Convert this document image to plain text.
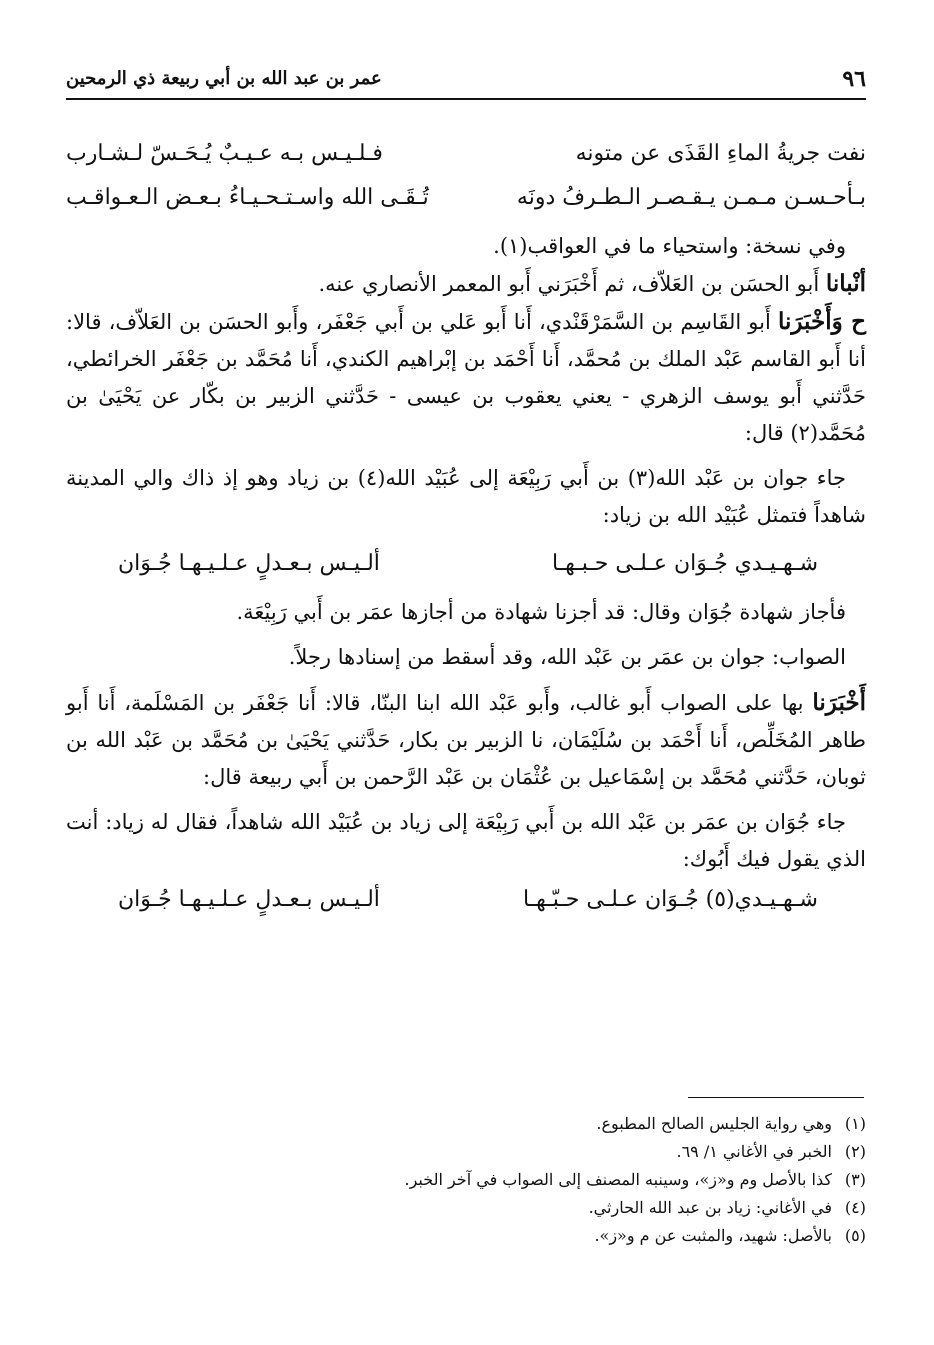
٩٦
عمر بن عبد الله بن أبي ربيعة ذي الرمحين
نفت جريةُ الماءِ القَذَى عن متونه
فـلـيـس بـه عـيـبٌ يُـحَـسّ لـشـارب
بـأحـسـن مـمـن يـقـصـر الـطـرفُ دونَه
تُـقَـى الله واسـتـحـيـاءُ بـعـض الـعـواقـب

وفي نسخة: واستحياء ما في العواقب(١).

أنْبانا أَبو الحسَن بن العَلاّف، ثم أَخْبَرَني أَبو المعمر الأنصاري عنه.

ح وَأَخْبَرَنا أَبو القَاسِم بن السَّمَرْقَنْدي، أَنا أَبو عَلي بن أَبي جَعْفَر، وأَبو الحسَن بن العَلاّف، قالا: أنا أَبو القاسم عَبْد الملك بن مُحمَّد، أَنا أَحْمَد بن إبْراهيم الكندي، أَنا مُحَمَّد بن جَعْفَر الخرائطي، حَدَّثني أَبو يوسف الزهري - يعني يعقوب بن عيسى - حَدَّثني الزبير بن بكّار عن يَحْيَىٰ بن مُحَمَّد(٢) قال:

جاء جوان بن عَبْد الله(٣) بن أَبي رَبِيْعَة إلى عُبَيْد الله(٤) بن زياد وهو إذ ذاك والي المدينة شاهداً فتمثل عُبَيْد الله بن زياد:

شـهـيـدي جُـوَان عـلـى حـبـهـا
ألـيـس بـعـدلٍ عـلـيـهـا جُـوَان

فأجاز شهادة جُوَان وقال: قد أجزنا شهادة من أجازها عمَر بن أَبي رَبِيْعَة.

الصواب: جوان بن عمَر بن عَبْد الله، وقد أسقط من إسنادها رجلاً.

أَخْبَرَنا بها على الصواب أَبو غالب، وأَبو عَبْد الله ابنا البنّا، قالا: أَنا جَعْفَر بن المَسْلَمة، أَنا أَبو طاهر المُخَلِّص، أَنا أَحْمَد بن سُلَيْمَان، نا الزبير بن بكار، حَدَّثني يَحْيَىٰ بن مُحَمَّد بن عَبْد الله بن ثوبان، حَدَّثني مُحَمَّد بن إسْمَاعيل بن عُثْمَان بن عَبْد الرَّحمن بن أَبي ربيعة قال:

جاء جُوَان بن عمَر بن عَبْد الله بن أَبي رَبِيْعَة إلى زياد بن عُبَيْد الله شاهداً، فقال له زياد: أنت الذي يقول فيك أَبُوك:

شـهـيـدي(٥) جُـوَان عـلـى حـبّـهـا
ألـيـس بـعـدلٍ عـلـيـهـا جُـوَان
(١)
وهي رواية الجليس الصالح المطبوع.
(٢)
الخبر في الأغاني ١/ ٦٩.
(٣)
كذا بالأصل وم و«ز»، وسينبه المصنف إلى الصواب في آخر الخبر.
(٤)
في الأغاني: زياد بن عبد الله الحارثي.
(٥)
بالأصل: شهيد، والمثبت عن م و«ز».
